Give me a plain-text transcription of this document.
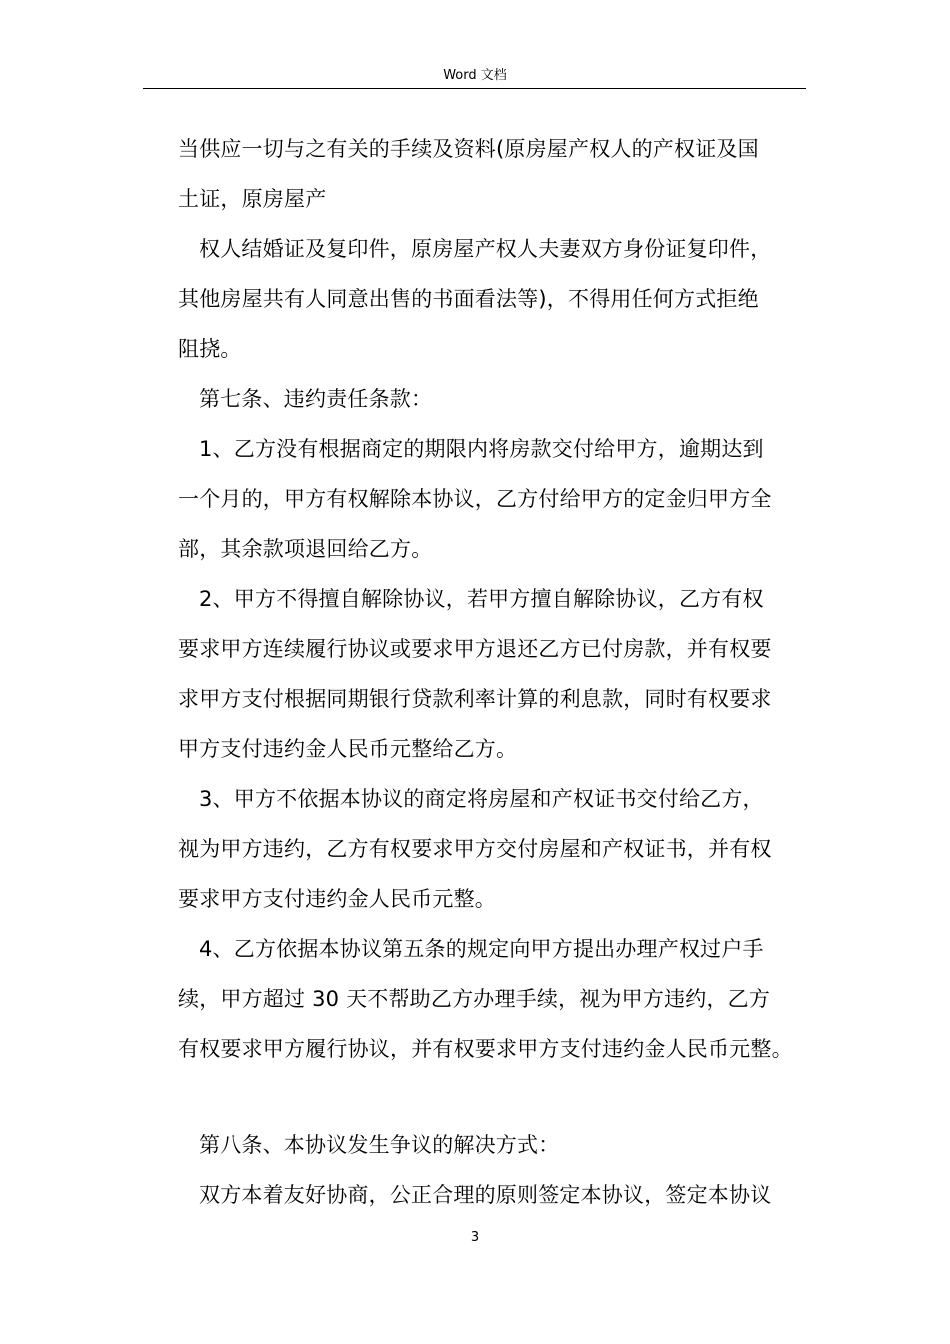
Word 文档
当供应一切与之有关的手续及资料(原房屋产权人的产权证及国
土证，原房屋产
权人结婚证及复印件，原房屋产权人夫妻双方身份证复印件，
其他房屋共有人同意出售的书面看法等)，不得用任何方式拒绝
阻挠。
第七条、违约责任条款：
1、乙方没有根据商定的期限内将房款交付给甲方，逾期达到
一个月的，甲方有权解除本协议，乙方付给甲方的定金归甲方全
部，其余款项退回给乙方。
2、甲方不得擅自解除协议，若甲方擅自解除协议，乙方有权
要求甲方连续履行协议或要求甲方退还乙方已付房款，并有权要
求甲方支付根据同期银行贷款利率计算的利息款，同时有权要求
甲方支付违约金人民币元整给乙方。
3、甲方不依据本协议的商定将房屋和产权证书交付给乙方，
视为甲方违约，乙方有权要求甲方交付房屋和产权证书，并有权
要求甲方支付违约金人民币元整。
4、乙方依据本协议第五条的规定向甲方提出办理产权过户手
续，甲方超过 30 天不帮助乙方办理手续，视为甲方违约，乙方
有权要求甲方履行协议，并有权要求甲方支付违约金人民币元整。
第八条、本协议发生争议的解决方式：
双方本着友好协商，公正合理的原则签定本协议，签定本协议
3
